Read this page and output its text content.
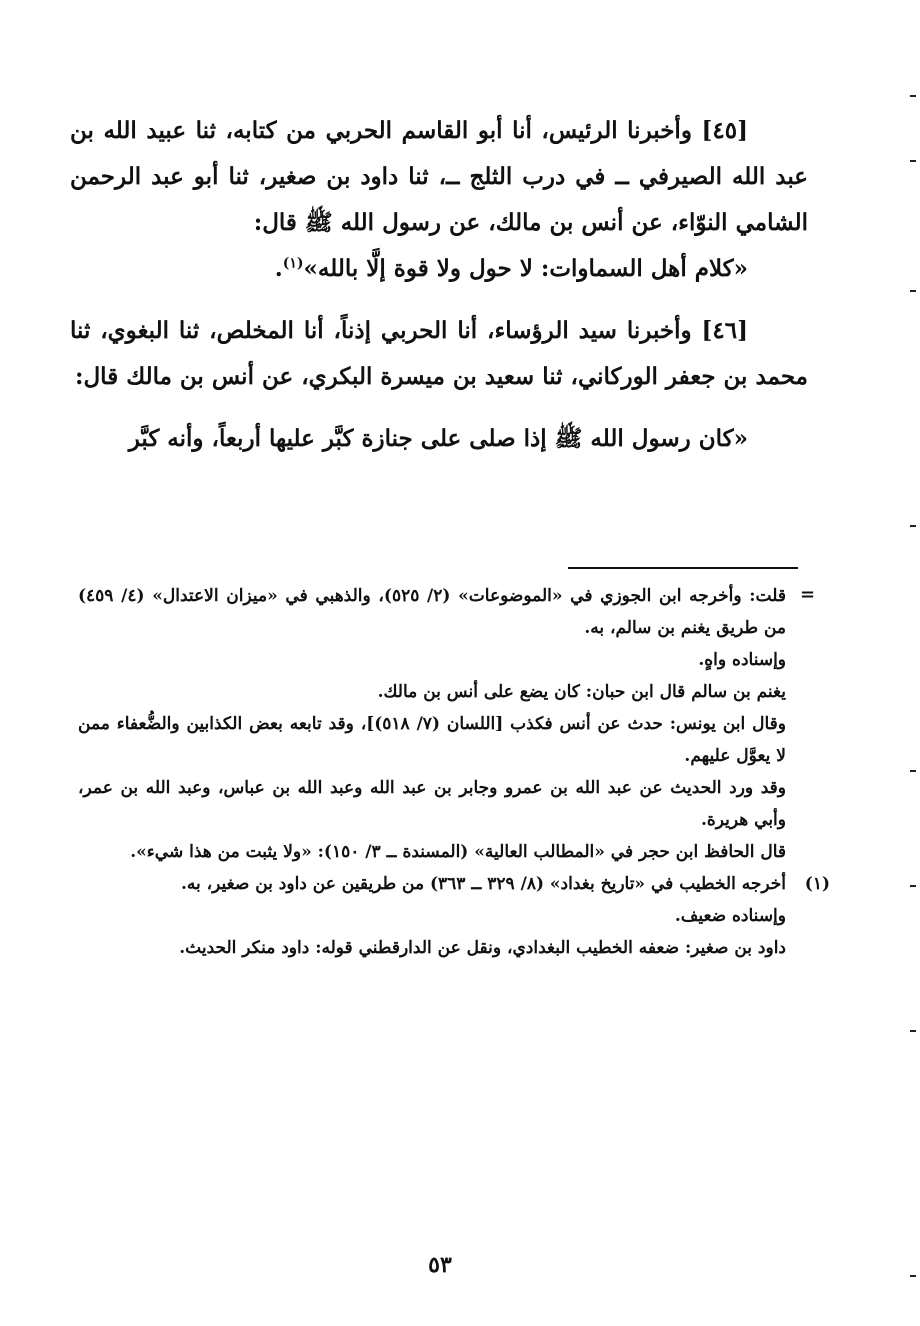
[٤٥] وأخبرنا الرئيس، أنا أبو القاسم الحربي من كتابه، ثنا عبيد الله بن عبد الله الصيرفي ــ في درب الثلج ــ، ثنا داود بن صغير، ثنا أبو عبد الرحمن الشامي النوّاء، عن أنس بن مالك، عن رسول الله ﷺ قال:

«كلام أهل السماوات: لا حول ولا قوة إلَّا بالله»$^{(١)}$.

[٤٦] وأخبرنا سيد الرؤساء، أنا الحربي إذناً، أنا المخلص، ثنا البغوي، ثنا محمد بن جعفر الوركاني، ثنا سعيد بن ميسرة البكري، عن أنس بن مالك قال:

«كان رسول الله ﷺ إذا صلى على جنازة كبَّر عليها أربعاً، وأنه كبَّر

=

قلت: وأخرجه ابن الجوزي في «الموضوعات» (٢/ ٥٢٥)، والذهبي في «ميزان الاعتدال» (٤/ ٤٥٩) من طريق يغنم بن سالم، به.

وإسناده واهٍ.

يغنم بن سالم قال ابن حبان: كان يضع على أنس بن مالك.

وقال ابن يونس: حدث عن أنس فكذب [اللسان (٧/ ٥١٨)]، وقد تابعه بعض الكذابين والضُّعفاء ممن لا يعوَّل عليهم.

وقد ورد الحديث عن عبد الله بن عمرو وجابر بن عبد الله وعبد الله بن عباس، وعبد الله بن عمر، وأبي هريرة.

قال الحافظ ابن حجر في «المطالب العالية» (المسندة ــ ٣/ ١٥٠): «ولا يثبت من هذا شيء».

(١)
أخرجه الخطيب في «تاريخ بغداد» (٨/ ٣٢٩ ــ ٣٦٣) من طريقين عن داود بن صغير، به.

وإسناده ضعيف.

داود بن صغير: ضعفه الخطيب البغدادي، ونقل عن الدارقطني قوله: داود منكر الحديث.

٥٣
